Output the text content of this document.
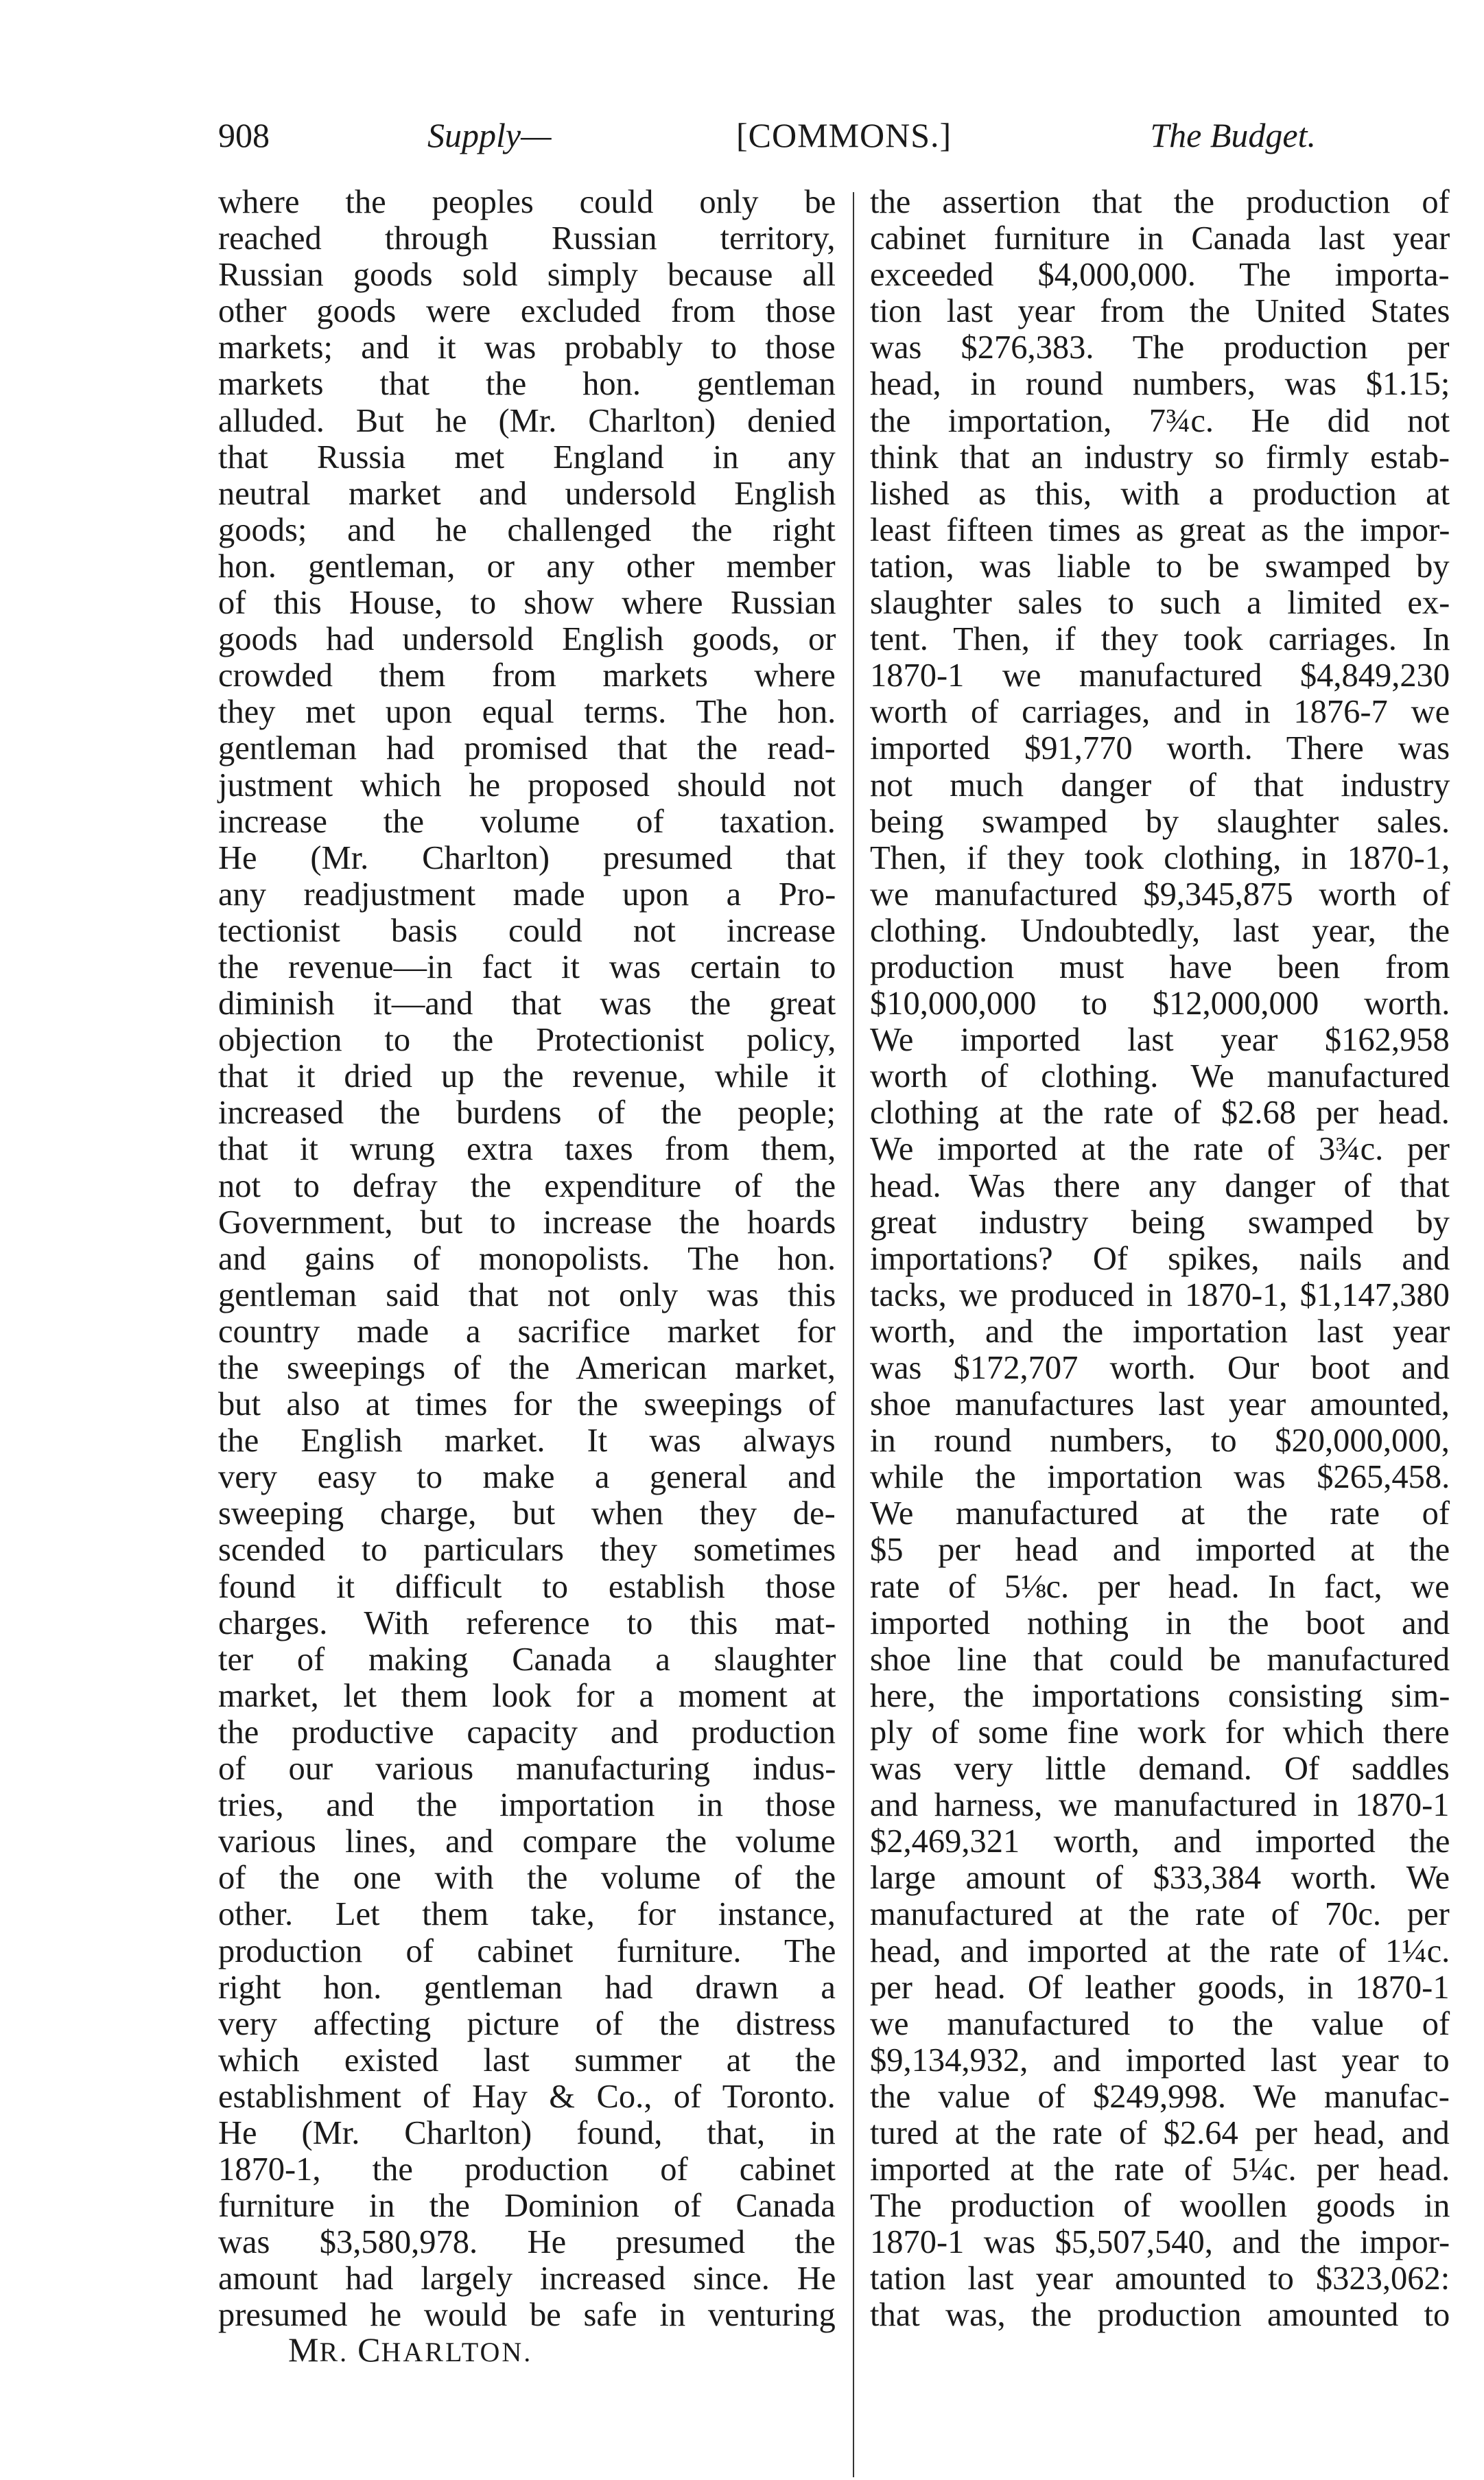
908	Supply—	[COMMONS.]	The Budget.
where the peoples could only be
reached through Russian territory,
Russian goods sold simply because all
other goods were excluded from those
markets; and it was probably to those
markets that the hon. gentleman
alluded. But he (Mr. Charlton) denied
that Russia met England in any
neutral market and undersold English
goods; and he challenged the right
hon. gentleman, or any other member
of this House, to show where Russian
goods had undersold English goods, or
crowded them from markets where
they met upon equal terms. The hon.
gentleman had promised that the read-
justment which he proposed should not
increase the volume of taxation.
He (Mr. Charlton) presumed that
any readjustment made upon a Pro-
tectionist basis could not increase
the revenue—in fact it was certain to
diminish it—and that was the great
objection to the Protectionist policy,
that it dried up the revenue, while it
increased the burdens of the people;
that it wrung extra taxes from them,
not to defray the expenditure of the
Government, but to increase the hoards
and gains of monopolists. The hon.
gentleman said that not only was this
country made a sacrifice market for
the sweepings of the American market,
but also at times for the sweepings of
the English market. It was always
very easy to make a general and
sweeping charge, but when they de-
scended to particulars they sometimes
found it difficult to establish those
charges. With reference to this mat-
ter of making Canada a slaughter
market, let them look for a moment at
the productive capacity and production
of our various manufacturing indus-
tries, and the importation in those
various lines, and compare the volume
of the one with the volume of the
other. Let them take, for instance,
production of cabinet furniture. The
right hon. gentleman had drawn a
very affecting picture of the distress
which existed last summer at the
establishment of Hay & Co., of Toronto.
He (Mr. Charlton) found, that, in
1870-1, the production of cabinet
furniture in the Dominion of Canada
was $3,580,978. He presumed the
amount had largely increased since. He
presumed he would be safe in venturing
the assertion that the production of
cabinet furniture in Canada last year
exceeded $4,000,000. The importa-
tion last year from the United States
was $276,383. The production per
head, in round numbers, was $1.15;
the importation, 7¾c. He did not
think that an industry so firmly estab-
lished as this, with a production at
least fifteen times as great as the impor-
tation, was liable to be swamped by
slaughter sales to such a limited ex-
tent. Then, if they took carriages. In
1870-1 we manufactured $4,849,230
worth of carriages, and in 1876-7 we
imported $91,770 worth. There was
not much danger of that industry
being swamped by slaughter sales.
Then, if they took clothing, in 1870-1,
we manufactured $9,345,875 worth of
clothing. Undoubtedly, last year, the
production must have been from
$10,000,000 to $12,000,000 worth.
We imported last year $162,958
worth of clothing. We manufactured
clothing at the rate of $2.68 per head.
We imported at the rate of 3¾c. per
head. Was there any danger of that
great industry being swamped by
importations? Of spikes, nails and
tacks, we produced in 1870-1, $1,147,380
worth, and the importation last year
was $172,707 worth. Our boot and
shoe manufactures last year amounted,
in round numbers, to $20,000,000,
while the importation was $265,458.
We manufactured at the rate of
$5 per head and imported at the
rate of 5⅛c. per head. In fact, we
imported nothing in the boot and
shoe line that could be manufactured
here, the importations consisting sim-
ply of some fine work for which there
was very little demand. Of saddles
and harness, we manufactured in 1870-1
$2,469,321 worth, and imported the
large amount of $33,384 worth. We
manufactured at the rate of 70c. per
head, and imported at the rate of 1¼c.
per head. Of leather goods, in 1870-1
we manufactured to the value of
$9,134,932, and imported last year to
the value of $249,998. We manufac-
tured at the rate of $2.64 per head, and
imported at the rate of 5¼c. per head.
The production of woollen goods in
1870-1 was $5,507,540, and the impor-
tation last year amounted to $323,062:
that was, the production amounted to
MR. CHARLTON.
